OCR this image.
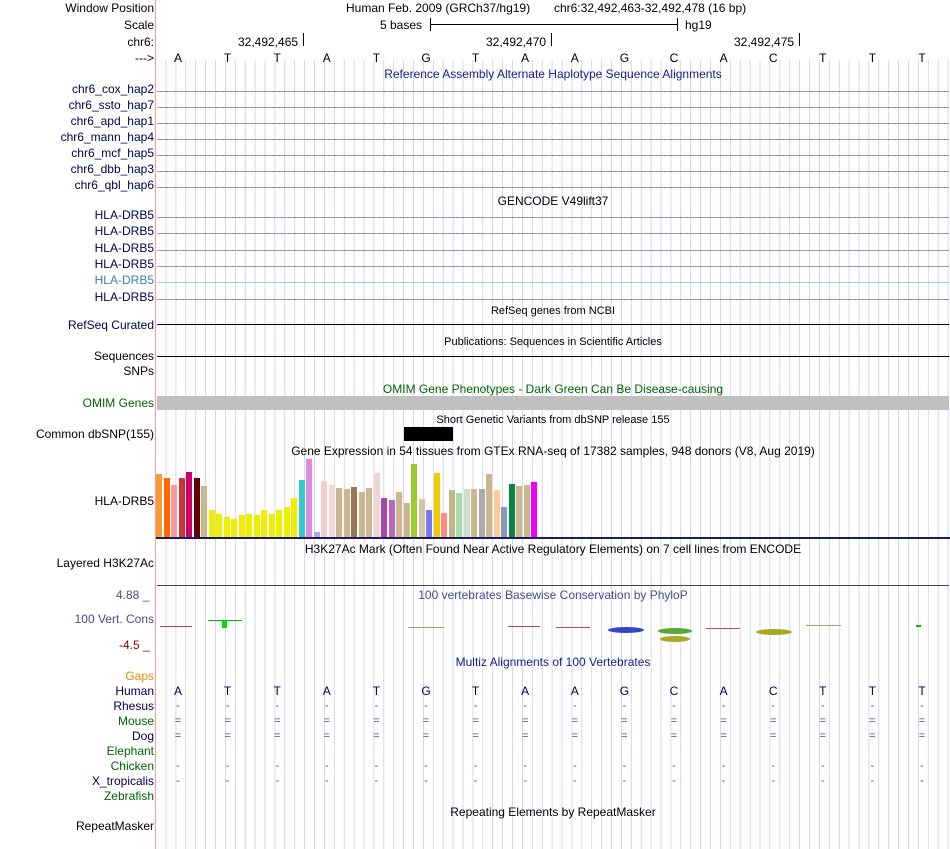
Window Position	Human Feb. 2009 (GRCh37/hg19) chr6:32,492,463-32,492,478 (16 bp)
Scale	5 bases	hg19
chr6:	32,492,465	32,492,470	32,492,475
---> A	T	T	A	T	G	T	A	A	G	C	A	C	T	T	T
Reference Assembly Alternate Haplotype Sequence Alignments
chr6_cox_hap2
chr6_ssto_hap7
chr6_apd_hap1
chr6_mann_hap4
chr6_mcf_hap5
chr6_dbb_hap3
chr6_qbl_hap6
GENCODE V49lift37
HLA-DRB5
HLA-DRB5
HLA-DRB5
HLA-DRB5
HLA-DRB5
HLA-DRB5
RefSeq genes from NCBI
RefSeq Curated
Publications: Sequences in Scientific Articles
Sequences
SNPs
OMIM Gene Phenotypes - Dark Green Can Be Disease-causing
OMIM Genes
Short Genetic Variants from dbSNP release 155
Common dbSNP(155)
Gene Expression in 54 tissues from GTEx RNA-seq of 17382 samples, 948 donors (V8, Aug 2019)
HLA-DRB5
H3K27Ac Mark (Often Found Near Active Regulatory Elements) on 7 cell lines from ENCODE
Layered H3K27Ac
4.88 _	100 vertebrates Basewise Conservation by PhyloP
100 Vert. Cons
-4.5 _
Multiz Alignments of 100 Vertebrates
Gaps
Human A	T	T	A	T	G	T	A	A	G	C	A	C	T	T	T
Rhesus	-	-	-	-	-	-	-	-	-	-	-	-	-	-	-	-
Mouse	=	=	=	=	=	=	=	=	=	=	=	=	=	=	=	=
Dog	=	=	=	=	=	=	=	=	=	=	=	=	=	=	=	=
Elephant
Chicken	-	-	-	-	-	-	-	-	-	-	-	-	-	-	-	-
X_tropicalis	-	-	-	-	-	-	-	-	-	-	-	-	-	-	-	-
Zebrafish
Repeating Elements by RepeatMasker
RepeatMasker
